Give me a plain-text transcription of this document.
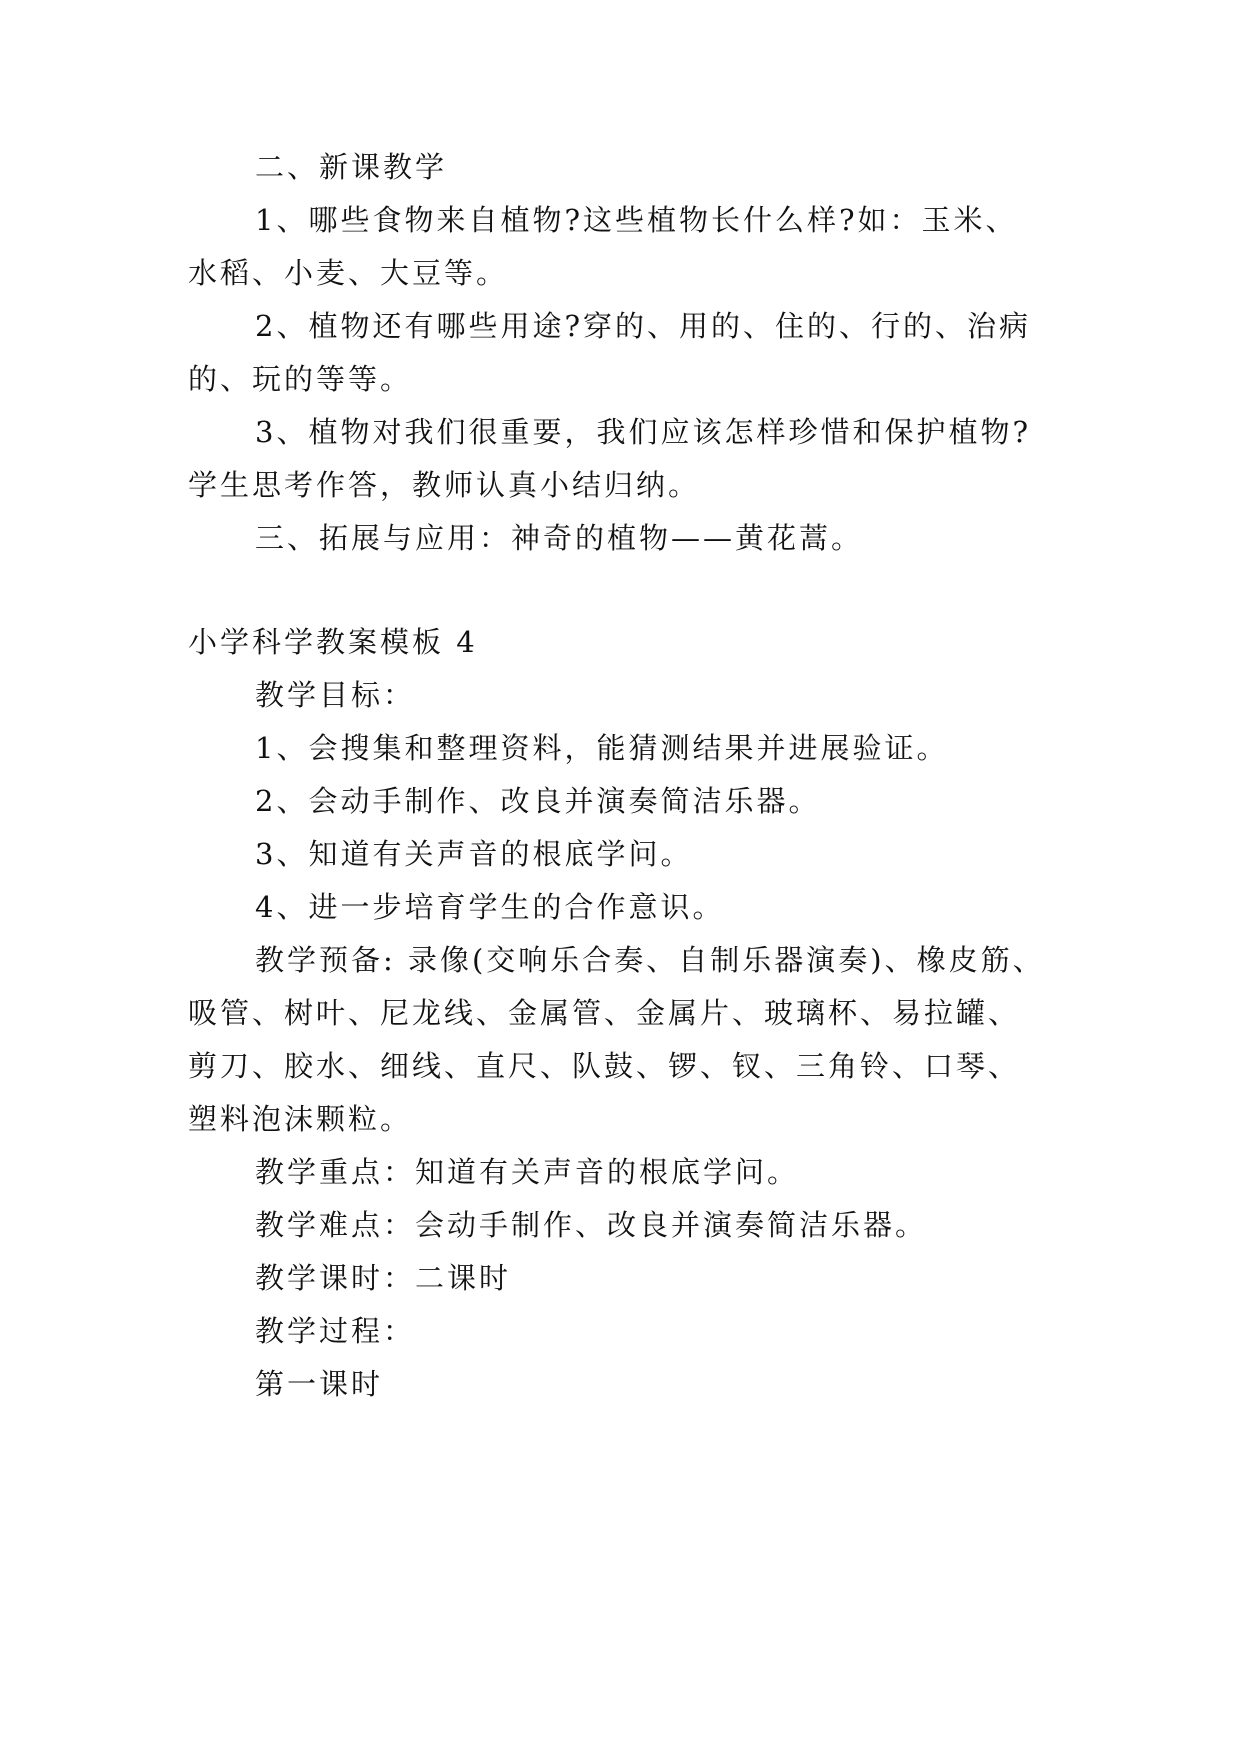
二、新课教学
1、哪些食物来自植物?这些植物长什么样?如：玉米、
水稻、小麦、大豆等。
2、植物还有哪些用途?穿的、用的、住的、行的、治病
的、玩的等等。
3、植物对我们很重要，我们应该怎样珍惜和保护植物?
学生思考作答，教师认真小结归纳。
三、拓展与应用：神奇的植物——黄花蒿。
小学科学教案模板 4
教学目标：
1、会搜集和整理资料，能猜测结果并进展验证。
2、会动手制作、改良并演奏简洁乐器。
3、知道有关声音的根底学问。
4、进一步培育学生的合作意识。
教学预备: 录像(交响乐合奏、自制乐器演奏)、橡皮筋、
吸管、树叶、尼龙线、金属管、金属片、玻璃杯、易拉罐、
剪刀、胶水、细线、直尺、队鼓、锣、钗、三角铃、口琴、
塑料泡沫颗粒。
教学重点：知道有关声音的根底学问。
教学难点：会动手制作、改良并演奏简洁乐器。
教学课时：二课时
教学过程：
第一课时
